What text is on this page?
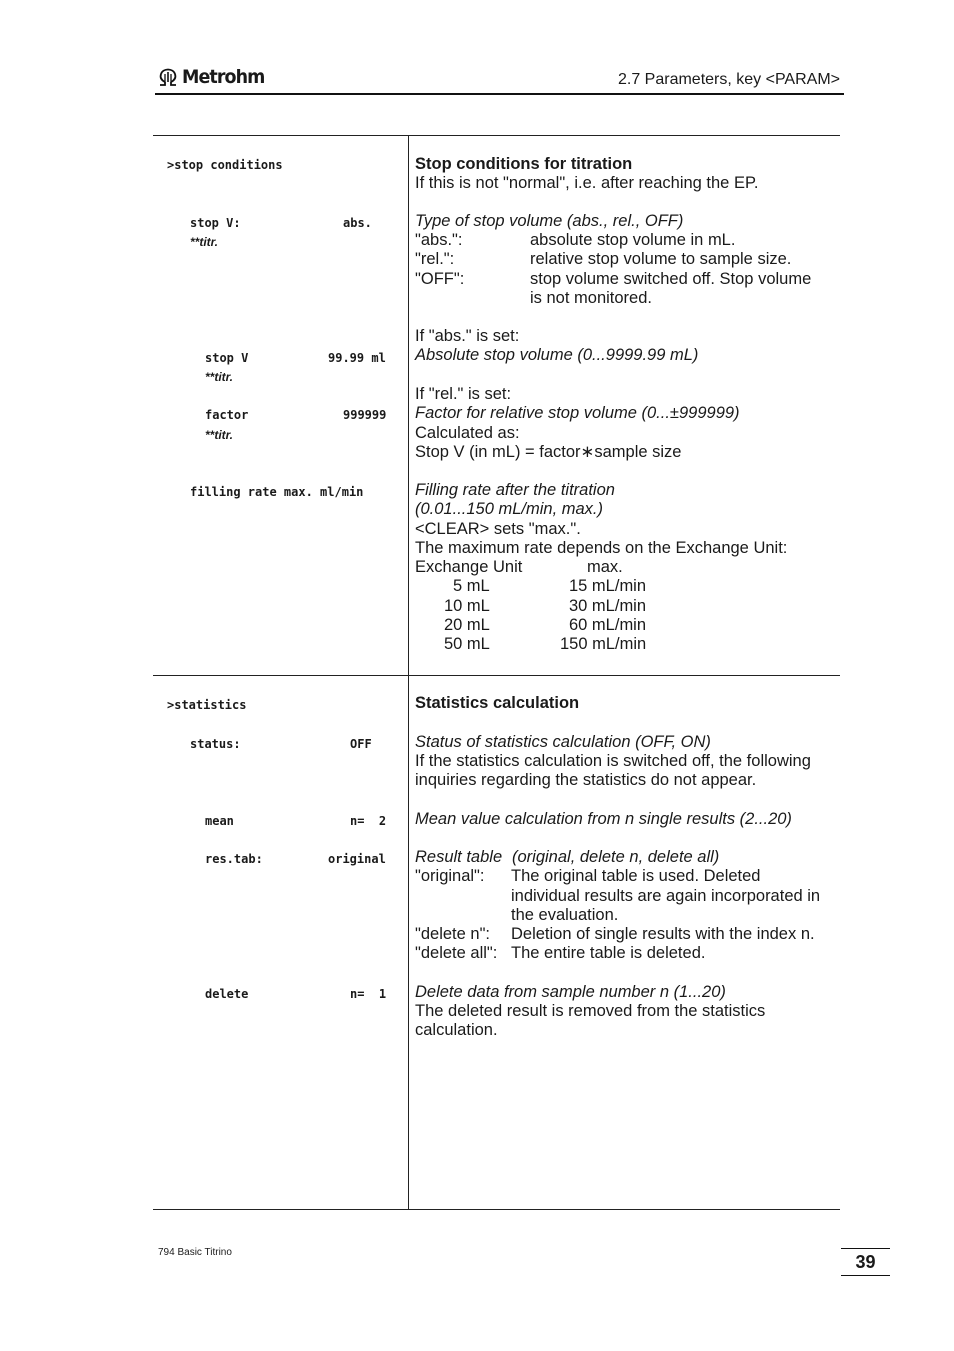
Metrohm	2.7 Parameters, key <PARAM>
>stop conditions	Stop conditions for titration
If this is not "normal", i.e. after reaching the EP.
stop V:	abs.
**titr.
Type of stop volume (abs., rel., OFF)
"abs.":	absolute stop volume in mL.
"rel.":	relative stop volume to sample size.
"OFF":	stop volume switched off. Stop volume
is not monitored.
stop V	99.99 ml
**titr.
If "abs." is set:
Absolute stop volume (0...9999.99 mL)
factor	999999
**titr.
If "rel." is set:
Factor for relative stop volume (0...±999999)
Calculated as:
Stop V (in mL) = factor∗sample size
filling rate max. ml/min	Filling rate after the titration
(0.01...150 mL/min, max.)
<CLEAR> sets "max.".
The maximum rate depends on the Exchange Unit:
Exchange Unit	max.
5 mL	15 mL/min
10 mL	30 mL/min
20 mL	60 mL/min
50 mL	150 mL/min
>statistics	Statistics calculation
status:	OFF	Status of statistics calculation (OFF, ON)
If the statistics calculation is switched off, the following
inquiries regarding the statistics do not appear.
mean	n=  2 Mean value calculation from n single results (2...20)
res.tab:	original Result table (original, delete n, delete all)
"original": The original table is used. Deleted
individual results are again incorporated in
the evaluation.
"delete n": Deletion of single results with the index n.
"delete all": The entire table is deleted.
delete	n=  1 Delete data from sample number n (1...20)
The deleted result is removed from the statistics
calculation.
794 Basic Titrino	39
